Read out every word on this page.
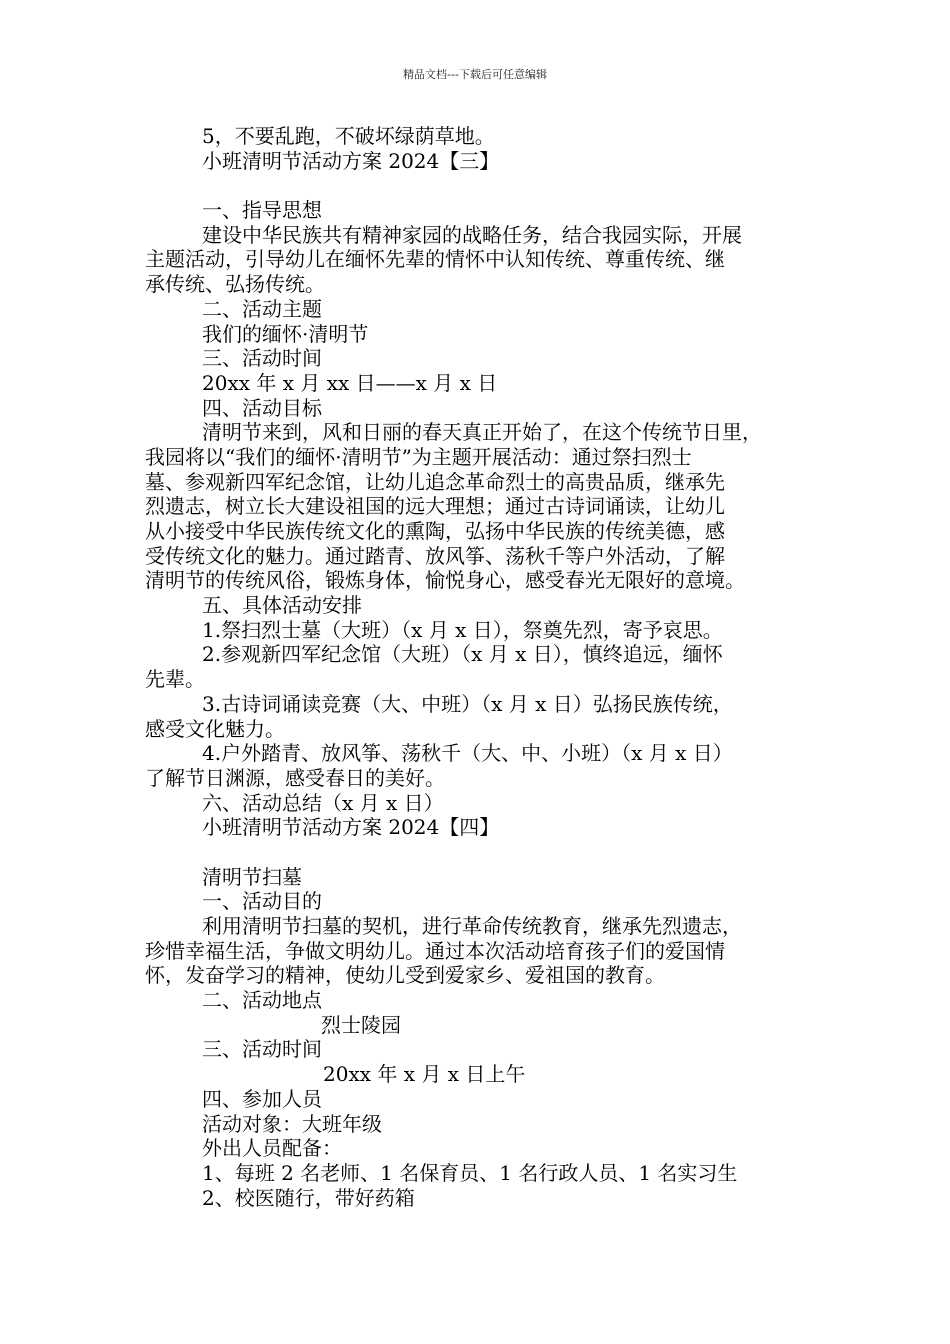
精品文档---下载后可任意编辑

5，不要乱跑，不破坏绿荫草地。

小班清明节活动方案 2024【三】

一、指导思想

建设中华民族共有精神家园的战略任务，结合我园实际，开展

主题活动，引导幼儿在缅怀先辈的情怀中认知传统、尊重传统、继

承传统、弘扬传统。

二、活动主题

我们的缅怀·清明节

三、活动时间

20xx 年 x 月 xx 日——x 月 x 日

四、活动目标

清明节来到，风和日丽的春天真正开始了，在这个传统节日里，

我园将以“我们的缅怀·清明节”为主题开展活动：通过祭扫烈士

墓、参观新四军纪念馆，让幼儿追念革命烈士的高贵品质，继承先

烈遗志，树立长大建设祖国的远大理想；通过古诗词诵读，让幼儿

从小接受中华民族传统文化的熏陶，弘扬中华民族的传统美德，感

受传统文化的魅力。通过踏青、放风筝、荡秋千等户外活动，了解

清明节的传统风俗，锻炼身体，愉悦身心，感受春光无限好的意境。

五、具体活动安排

1.祭扫烈士墓（大班）（x 月 x 日），祭奠先烈，寄予哀思。

2.参观新四军纪念馆（大班）（x 月 x 日），慎终追远，缅怀

先辈。

3.古诗词诵读竞赛（大、中班）（x 月 x 日）弘扬民族传统，

感受文化魅力。

4.户外踏青、放风筝、荡秋千（大、中、小班）（x 月 x 日）

了解节日渊源，感受春日的美好。

六、活动总结（x 月 x 日）

小班清明节活动方案 2024【四】

清明节扫墓

一、活动目的

利用清明节扫墓的契机，进行革命传统教育，继承先烈遗志，

珍惜幸福生活，争做文明幼儿。通过本次活动培育孩子们的爱国情

怀，发奋学习的精神，使幼儿受到爱家乡、爱祖国的教育。

二、活动地点

烈士陵园

三、活动时间

20xx 年 x 月 x 日上午

四、参加人员

活动对象：大班年级

外出人员配备：

1、每班 2 名老师、1 名保育员、1 名行政人员、1 名实习生

2、校医随行，带好药箱
